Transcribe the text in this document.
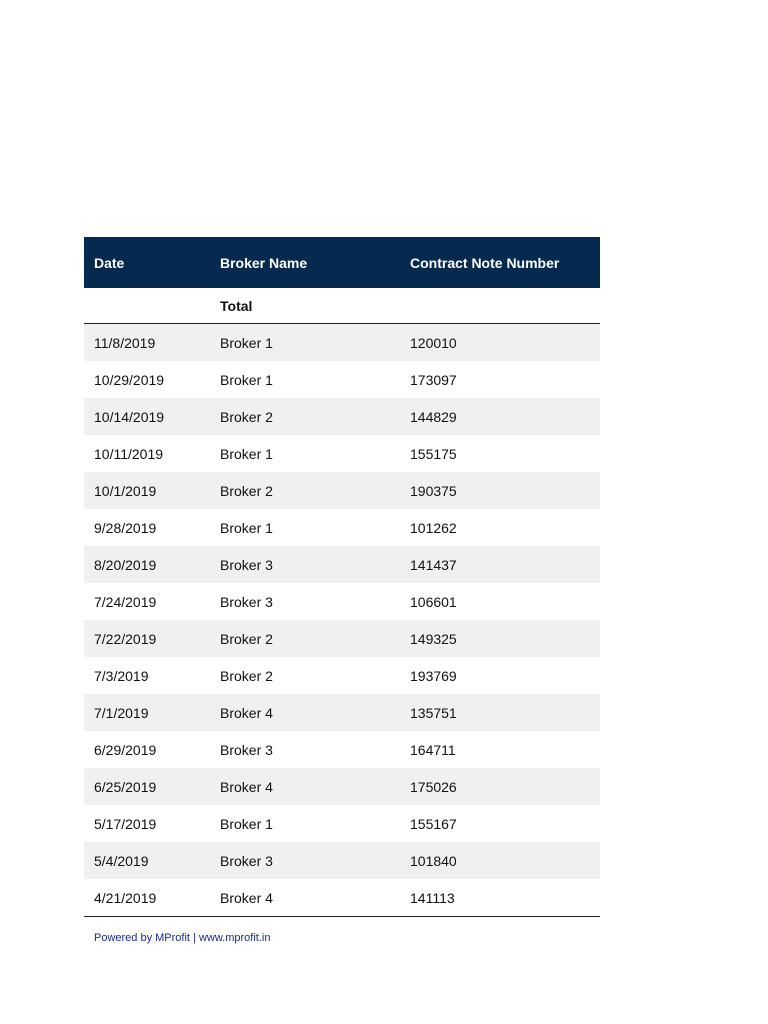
Date	Broker Name	Contract Note Number
	Total	
11/8/2019	Broker 1	120010
10/29/2019	Broker 1	173097
10/14/2019	Broker 2	144829
10/11/2019	Broker 1	155175
10/1/2019	Broker 2	190375
9/28/2019	Broker 1	101262
8/20/2019	Broker 3	141437
7/24/2019	Broker 3	106601
7/22/2019	Broker 2	149325
7/3/2019	Broker 2	193769
7/1/2019	Broker 4	135751
6/29/2019	Broker 3	164711
6/25/2019	Broker 4	175026
5/17/2019	Broker 1	155167
5/4/2019	Broker 3	101840
4/21/2019	Broker 4	141113
Powered by MProfit | www.mprofit.in
